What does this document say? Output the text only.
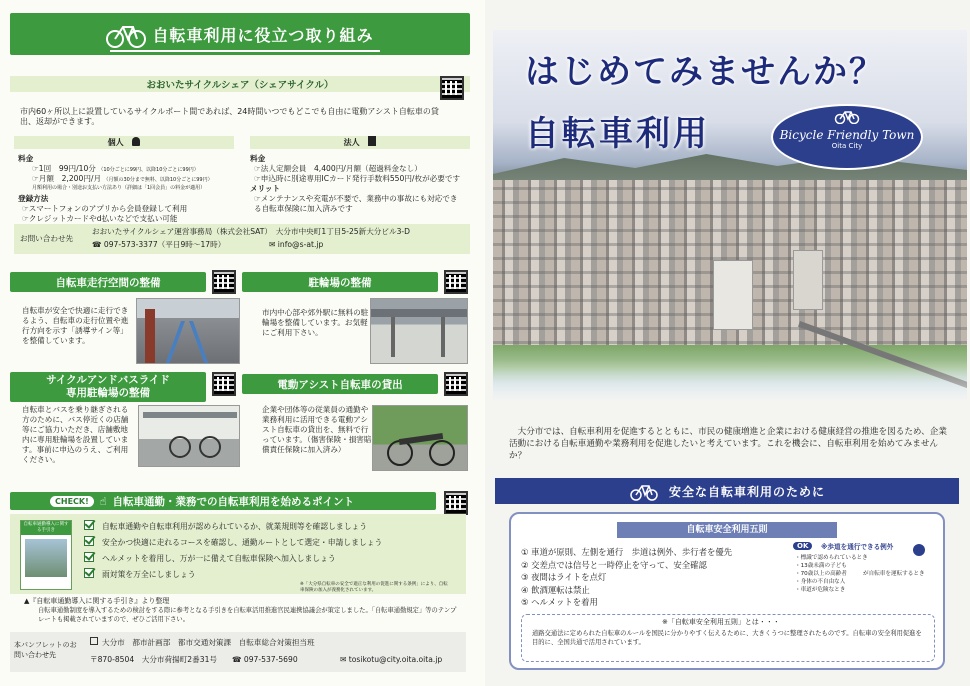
自転車利用に役立つ取り組み
おおいたサイクルシェア（シェアサイクル）
市内60ヶ所以上に設置しているサイクルポート間であれば、24時間いつでもどこでも自由に電動アシスト自転車の貸出、返却ができます。
個人	法人
料金
☞1回　99円/10分 （10分ごとに99円、以降10分ごとに99円）
☞月額　2,200円/月 （月額の30分まで無料、以降10分ごとに99円）
月額利用の場合・別途お支払い方法あり（詳細は「1回会員」の料金が適用）
登録方法
☞スマートフォンのアプリから会員登録して利用
☞クレジットカードやd払いなどで支払い可能
料金
☞法人定額会員　4,400円/月額（超過料金なし）
☞申込時に別途専用ICカード発行手数料550円/枚が必要です
メリット
☞メンテナンスや充電が不要で、業務中の事故にも対応できる自転車保険に加入済みです
お問い合わせ先
おおいたサイクルシェア運営事務局（株式会社SAT）　大分市中央町1丁目5-25新大分ビル3-D
☎ 097-573-3377（平日9時〜17時）	✉ info@s-at.jp
自転車走行空間の整備
自転車が安全で快適に走行できるよう、自転車の走行位置や進行方向を示す「誘導サイン等」を整備しています。
駐輪場の整備
市内中心部や郊外駅に無料の駐輪場を整備しています。お気軽にご利用下さい。
サイクルアンドバスライド
専用駐輪場の整備
自転車とバスを乗り継ぎされる方のために、バス停近くの店舗等にご協力いただき、店舗敷地内に専用駐輪場を設置しています。事前に申込のうえ、ご利用ください。
電動アシスト自転車の貸出
企業や団体等の従業員の通勤や業務利用に活用できる電動アシスト自転車の貸出を、無料で行っています。（傷害保険・損害賠償責任保険に加入済み）
CHECK!	☝ 自転車通勤・業務での自転車利用を始めるポイント
自転車通勤導入に関する手引き	自転車通勤や自転車利用が認められているか、就業規則等を確認しましょう
安全かつ快適に走れるコースを確認し、通勤ルートとして選定・申請しましょう
ヘルメットを着用し、万が一に備えて自転車保険へ加入しましょう
雨対策を万全にしましょう
※「大分県自転車の安全で適正な利用の促進に関する条例」により、自転車保険の加入が義務化されています。
▲『自転車通勤導入に関する手引き』より整理
自転車通勤制度を導入するための検討をする際に参考となる手引きを自転車活用推進官民連携協議会が策定しました。「自転車通勤規定」等のテンプレートも掲載されていますので、ぜひご活用下さい。
本パンフレットのお問い合わせ先
大分市　都市計画部　都市交通対策課　自転車総合対策担当班
〒870-8504　大分市荷揚町2番31号 ☎ 097-537-5690	✉ tosikotu@city.oita.oita.jp
はじめてみませんか？
自転車利用	Bicycle Friendly Town
Oita City
大分市では、自転車利用を促進するとともに、市民の健康増進と企業における健康経営の推進を図るため、企業活動における自転車通勤や業務利用を促進したいと考えています。これを機会に、自転車利用を始めてみませんか？
安全な自転車利用のために
自転車安全利用五則
① 車道が原則、左側を通行　歩道は例外、歩行者を優先
② 交差点では信号と一時停止を守って、安全確認
③ 夜間はライトを点灯
④ 飲酒運転は禁止
⑤ ヘルメットを着用
OK	※歩道を通行できる例外
・標識で認められているとき
・13歳未満の子ども
・70歳以上の高齢者
・身体の不自由な人
・車道が危険なとき
が自転車を運転するとき
※「自転車安全利用五則」とは・・・
道路交通法に定められた自転車のルールを国民に分かりやすく伝えるために、大きくうつに整理されたものです。自転車の安全利用促進を目的に、全国共通で活用されています。
